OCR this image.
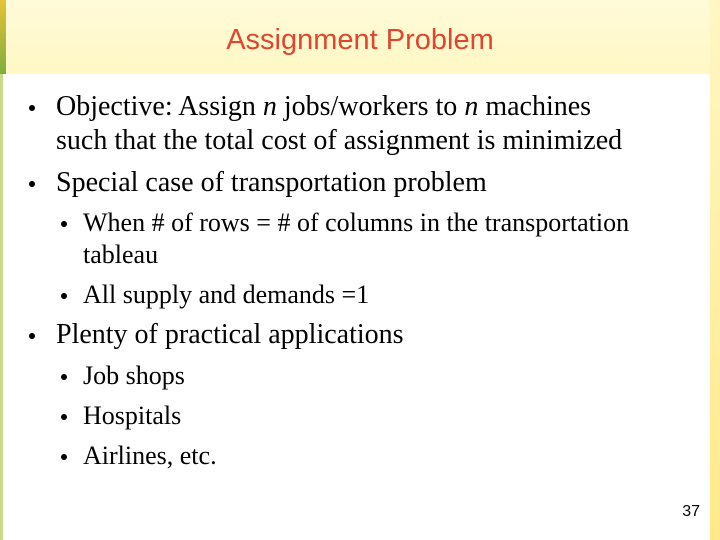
Assignment Problem
Objective: Assign n jobs/workers to n machines
such that the total cost of assignment is minimized
Special case of transportation problem
When # of rows = # of columns in the transportation
tableau
All supply and demands =1
Plenty of practical applications
Job shops
Hospitals
Airlines, etc.
37
